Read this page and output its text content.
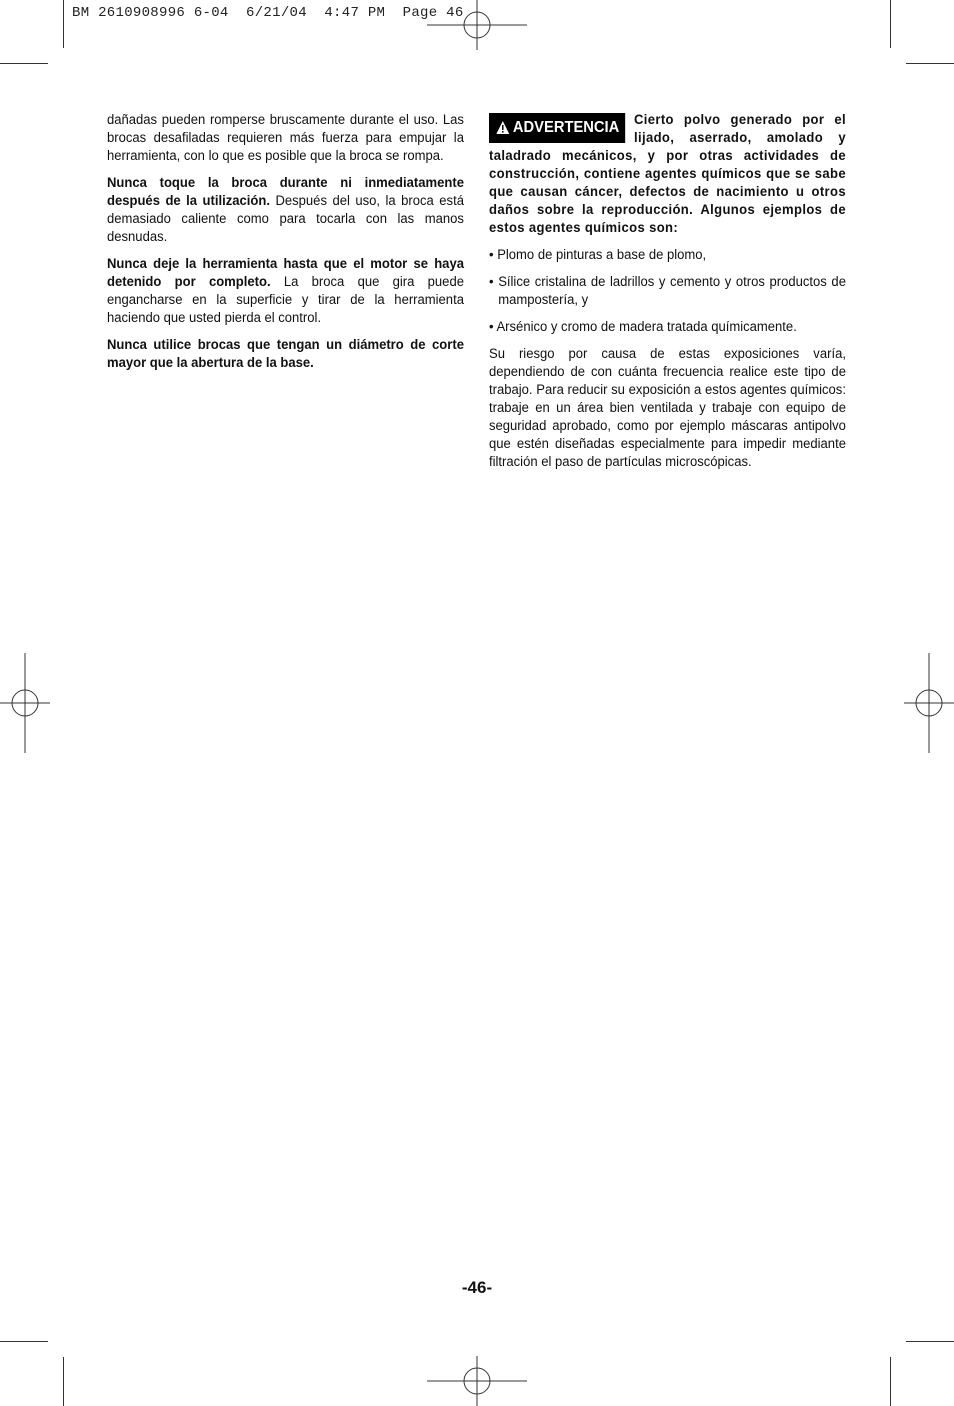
BM 2610908996 6-04  6/21/04  4:47 PM  Page 46

dañadas pueden romperse bruscamente durante el uso. Las brocas desafiladas requieren más fuerza para empujar la herramienta, con lo que es posible que la broca se rompa.

Nunca toque la broca durante ni inmediatamente después de la utilización. Después del uso, la broca está demasiado caliente como para tocarla con las manos desnudas.

Nunca deje la herramienta hasta que el motor se haya detenido por completo. La broca que gira puede engancharse en la superficie y tirar de la herramienta haciendo que usted pierda el control.

Nunca utilice brocas que tengan un diámetro de corte mayor que la abertura de la base.

ADVERTENCIA	Cierto polvo generado por el lijado, aserrado, amolado y taladrado mecánicos, y por otras actividades de construcción, contiene agentes químicos que se sabe que causan cáncer, defectos de nacimiento u otros daños sobre la reproducción. Algunos ejemplos de estos agentes químicos son:

• Plomo de pinturas a base de plomo,

• Sílice cristalina de ladrillos y cemento y otros productos de mampostería, y

• Arsénico y cromo de madera tratada químicamente.

Su riesgo por causa de estas exposiciones varía, dependiendo de con cuánta frecuencia realice este tipo de trabajo. Para reducir su exposición a estos agentes químicos: trabaje en un área bien ventilada y trabaje con equipo de seguridad aprobado, como por ejemplo máscaras antipolvo que estén diseñadas especialmente para impedir mediante filtración el paso de partículas microscópicas.

-46-
